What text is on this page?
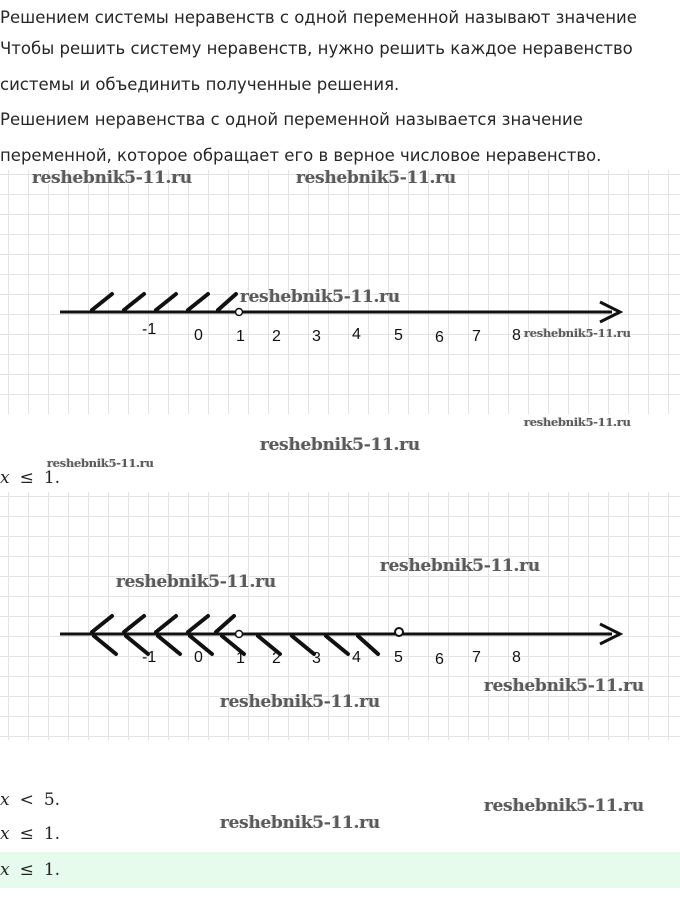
Решением системы неравенств с одной переменной называют значение

Чтобы решить систему неравенств, нужно решить каждое неравенство

системы и объединить полученные решения.

Решением неравенства с одной переменной называется значение

переменной, которое обращает его в верное числовое неравенство.

-1 0 1 2 3 4 5 6 7 8
-1 0 1 2 3 4 5 6 7 8

x ≤ 1.

x < 5.

x ≤ 1.

x ≤ 1.

reshebnik5-11.ru	reshebnik5-11.ru
reshebnik5-11.ru
reshebnik5-11.ru
reshebnik5-11.ru
reshebnik5-11.ru
reshebnik5-11.ru
reshebnik5-11.ru
reshebnik5-11.ru
reshebnik5-11.ru
reshebnik5-11.ru
reshebnik5-11.ru
reshebnik5-11.ru
